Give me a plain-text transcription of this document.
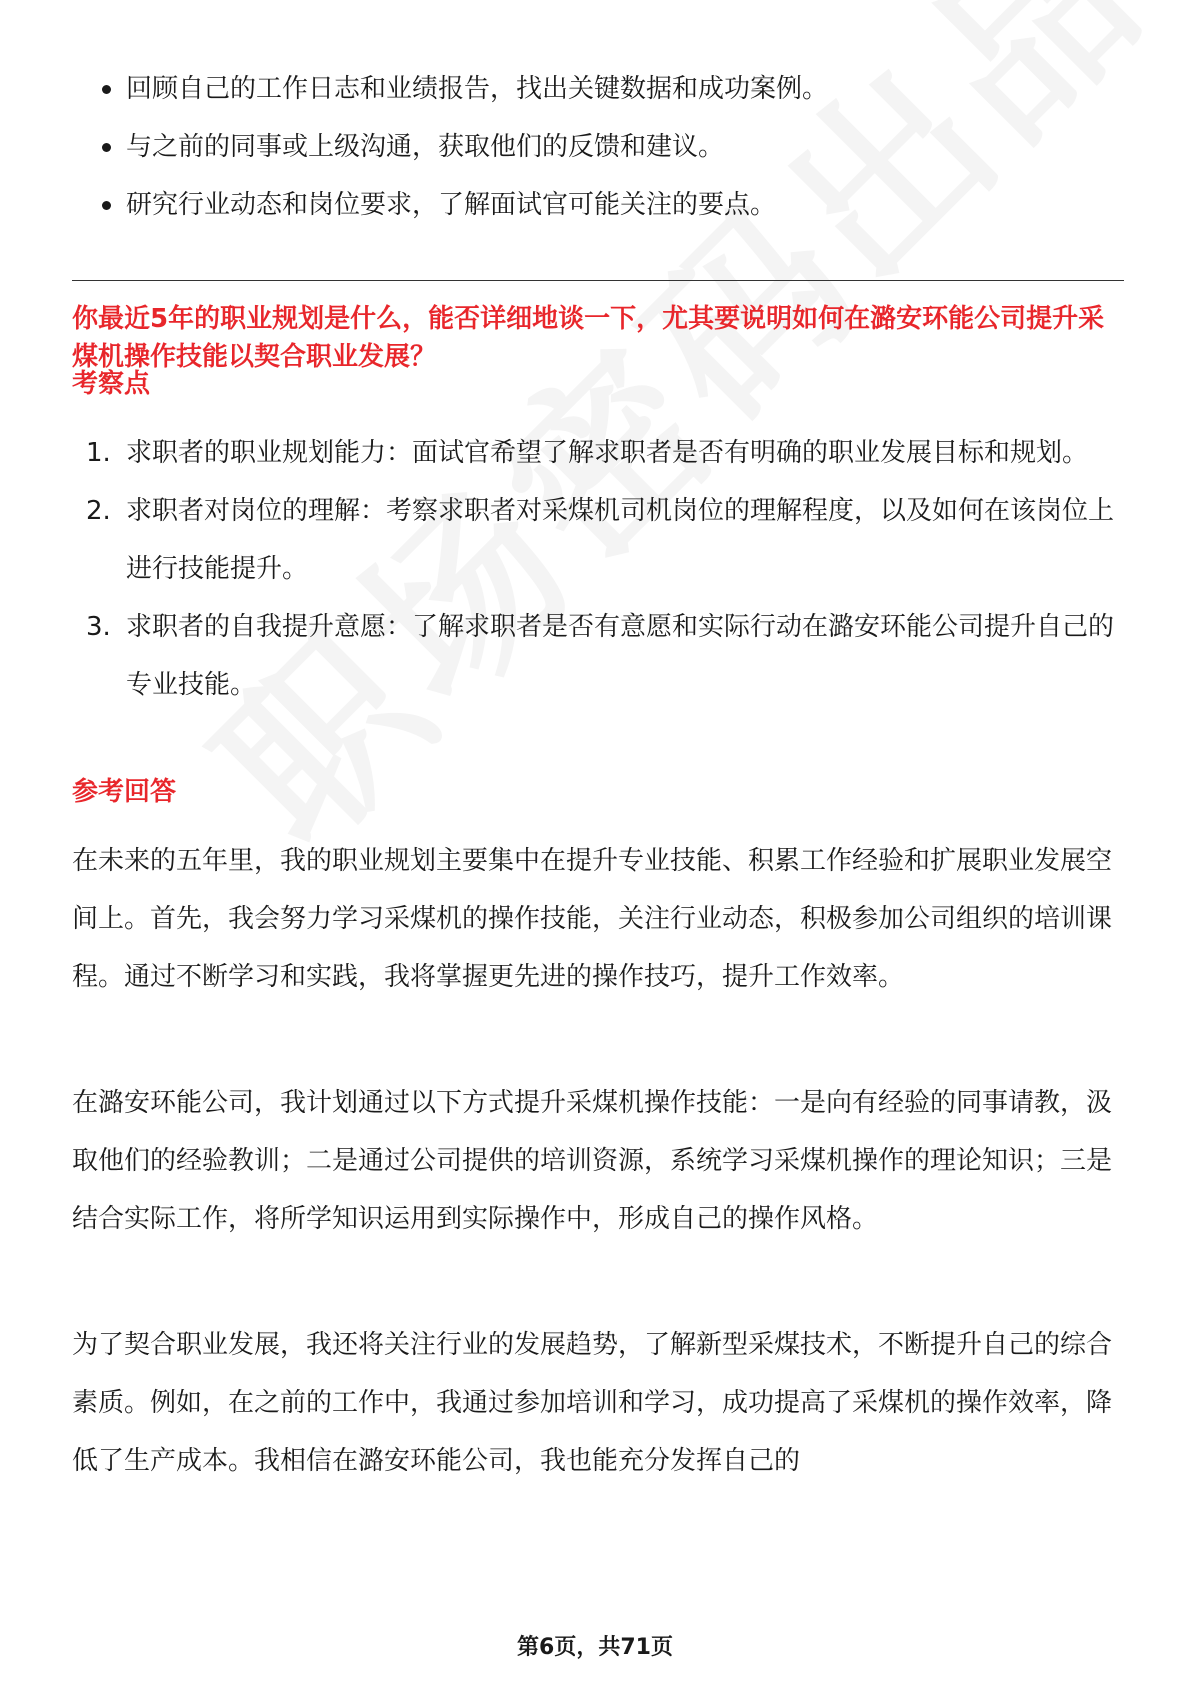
回顾自己的工作日志和业绩报告，找出关键数据和成功案例。
与之前的同事或上级沟通，获取他们的反馈和建议。
研究行业动态和岗位要求，了解面试官可能关注的要点。
你最近5年的职业规划是什么，能否详细地谈一下，尤其要说明如何在潞安环能公司提升采煤机操作技能以契合职业发展？
考察点
1. 求职者的职业规划能力：面试官希望了解求职者是否有明确的职业发展目标和规划。
2. 求职者对岗位的理解：考察求职者对采煤机司机岗位的理解程度，以及如何在该岗位上进行技能提升。
3. 求职者的自我提升意愿：了解求职者是否有意愿和实际行动在潞安环能公司提升自己的专业技能。
参考回答

在未来的五年里，我的职业规划主要集中在提升专业技能、积累工作经验和扩展职业发展空间上。首先，我会努力学习采煤机的操作技能，关注行业动态，积极参加公司组织的培训课程。通过不断学习和实践，我将掌握更先进的操作技巧，提升工作效率。

在潞安环能公司，我计划通过以下方式提升采煤机操作技能：一是向有经验的同事请教，汲取他们的经验教训；二是通过公司提供的培训资源，系统学习采煤机操作的理论知识；三是结合实际工作，将所学知识运用到实际操作中，形成自己的操作风格。

为了契合职业发展，我还将关注行业的发展趋势，了解新型采煤技术，不断提升自己的综合素质。例如，在之前的工作中，我通过参加培训和学习，成功提高了采煤机的操作效率，降低了生产成本。我相信在潞安环能公司，我也能充分发挥自己的

第6页，共71页
